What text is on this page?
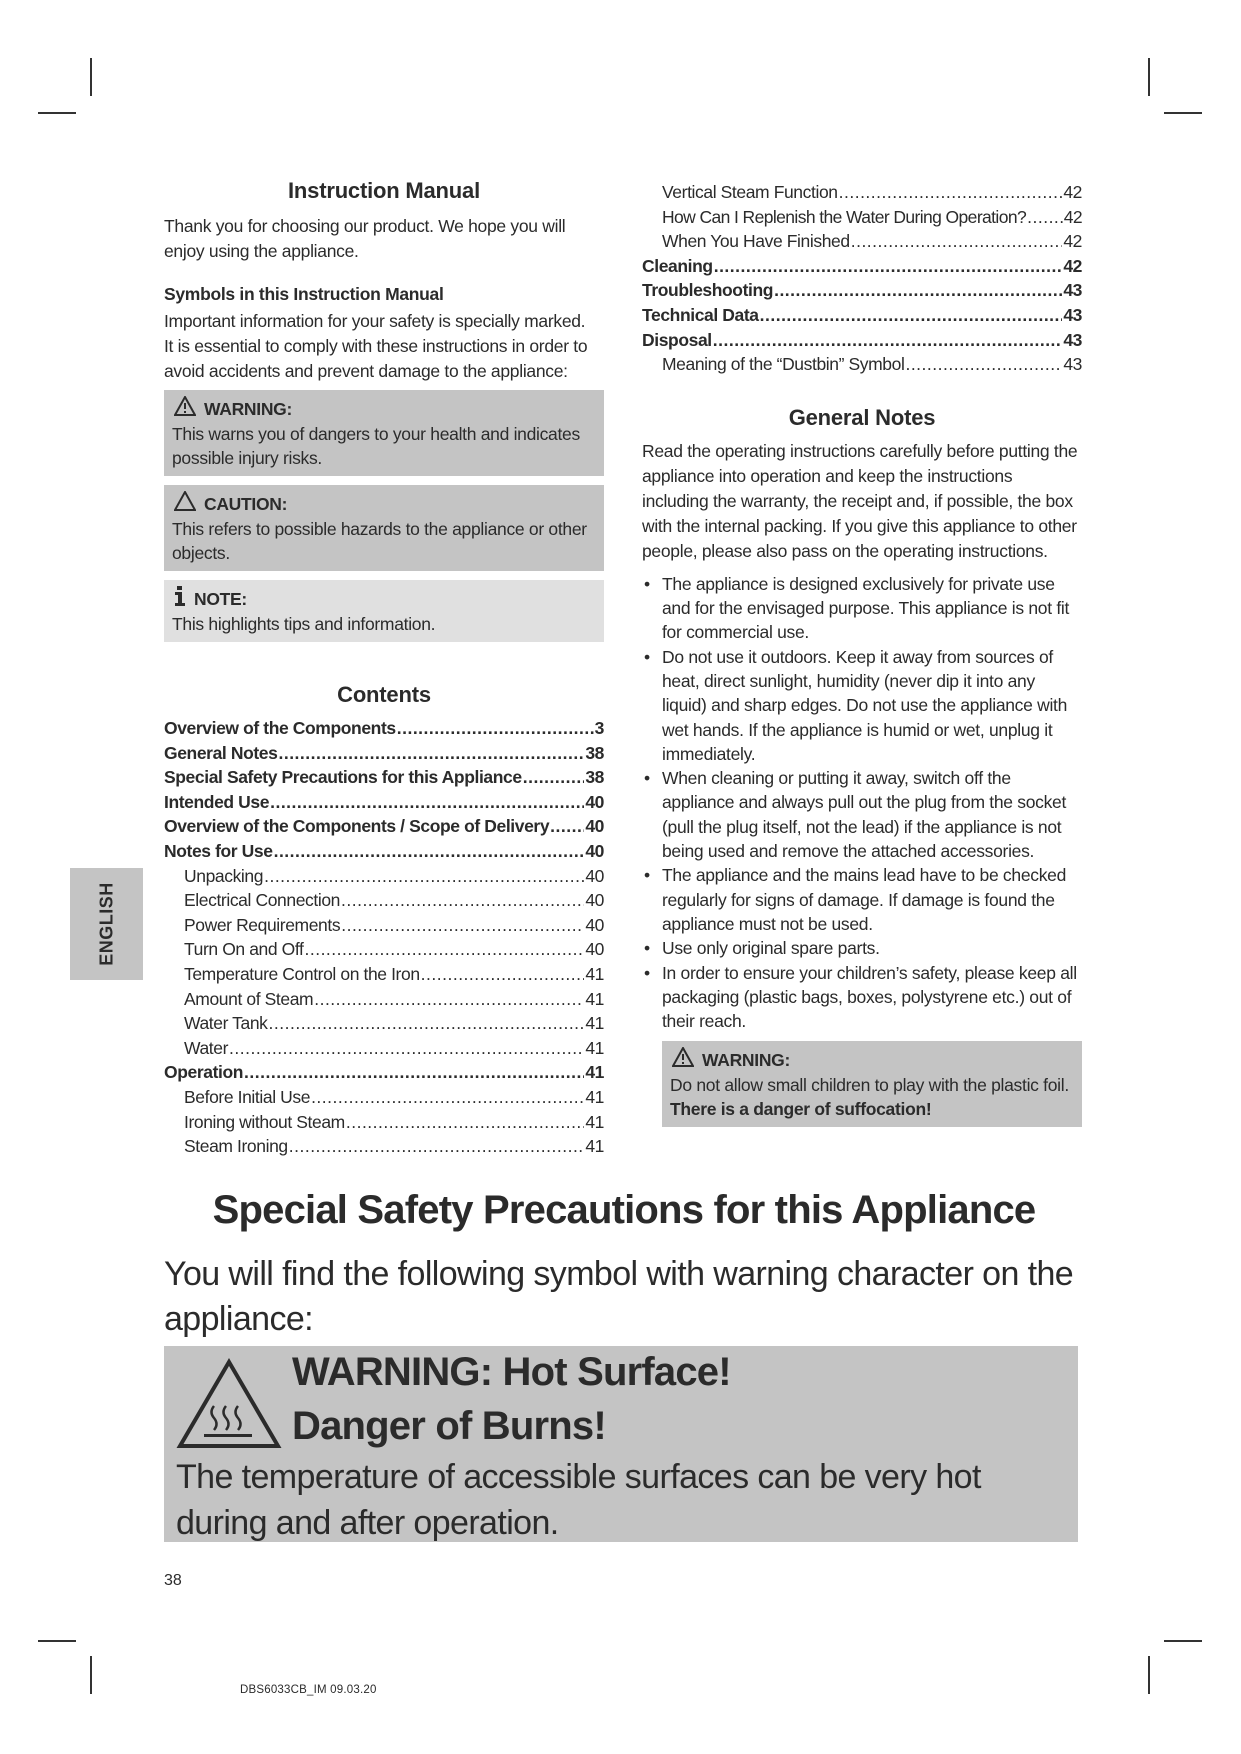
Instruction Manual

Thank you for choosing our product. We hope you will enjoy using the appliance.

Symbols in this Instruction Manual

Important information for your safety is specially marked.

It is essential to comply with these instructions in order to avoid accidents and prevent damage to the appliance:

WARNING:
This warns you of dangers to your health and indicates possible injury risks.
CAUTION:
This refers to possible hazards to the appliance or other objects.
NOTE:
This highlights tips and information.
Contents
Overview of the Components .....	3
General Notes .....	38
Special Safety Precautions for this Appliance .....	38
Intended Use .....	40
Overview of the Components / Scope of Delivery ..... 40
Notes for Use .....	40
Unpacking .....	40
Electrical Connection .....	40
Power Requirements .....	40
Turn On and Off .....	40
Temperature Control on the Iron .....	41
Amount of Steam .....	41
Water Tank .....	41
Water .....	41
Operation .....	41
Before Initial Use .....	41
Ironing without Steam .....	41
Steam Ironing .....	41
Vertical Steam Function .....	42
How Can I Replenish the Water During Operation? ..... 42
When You Have Finished .....	42
Cleaning .....	42
Troubleshooting .....	43
Technical Data .....	43
Disposal .....	43
Meaning of the “Dustbin” Symbol .....	43
General Notes

Read the operating instructions carefully before putting the appliance into operation and keep the instructions including the warranty, the receipt and, if possible, the box with the internal packing. If you give this appliance to other people, please also pass on the operating instructions.

• The appliance is designed exclusively for private use and for the envisaged purpose. This appliance is not fit for commercial use.
• Do not use it outdoors. Keep it away from sources of heat, direct sunlight, humidity (never dip it into any liquid) and sharp edges. Do not use the appliance with wet hands. If the appliance is humid or wet, unplug it immediately.
• When cleaning or putting it away, switch off the appliance and always pull out the plug from the socket (pull the plug itself, not the lead) if the appliance is not being used and remove the attached accessories.
• The appliance and the mains lead have to be checked regularly for signs of damage. If damage is found the appliance must not be used.
• Use only original spare parts.
• In order to ensure your children’s safety, please keep all packaging (plastic bags, boxes, polystyrene etc.) out of their reach.
WARNING:
Do not allow small children to play with the plastic foil.
There is a danger of suffocation!
ENGLISH
Special Safety Precautions for this Appliance

You will find the following symbol with warning character on the appliance:

WARNING: Hot Surface!
Danger of Burns!
The temperature of accessible surfaces can be very hot during and after operation.
38
DBS6033CB_IM 09.03.20
